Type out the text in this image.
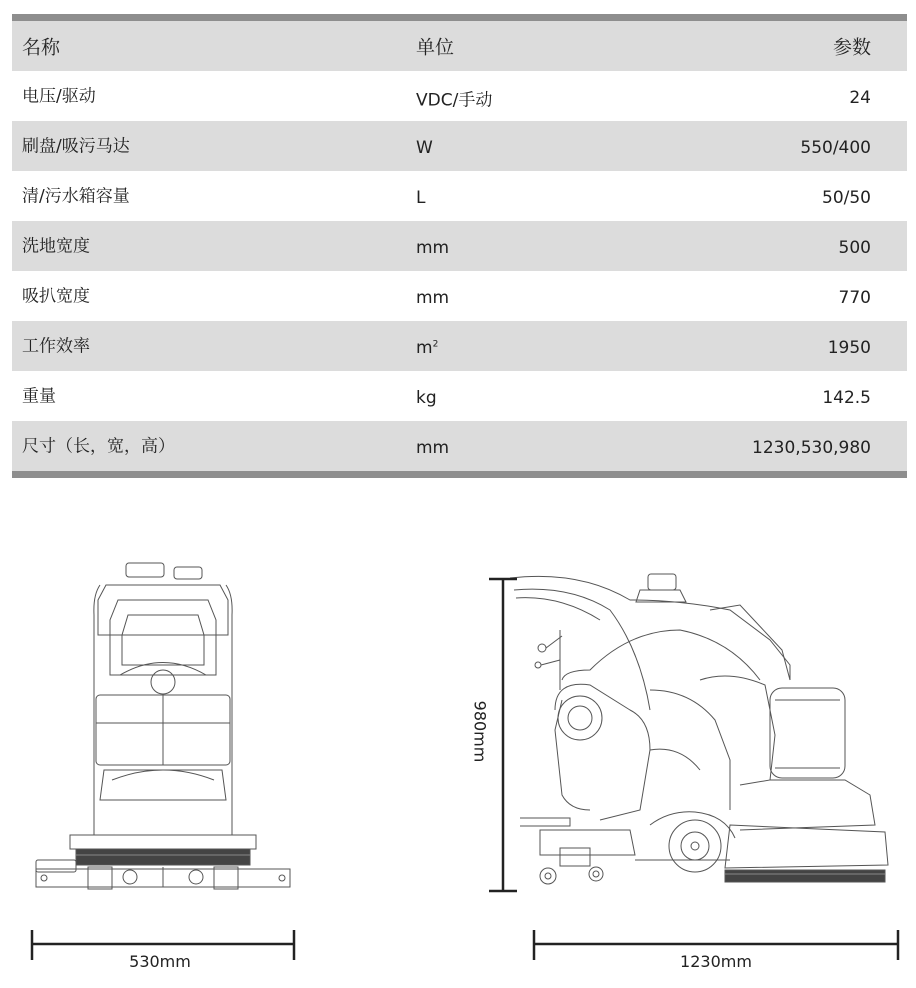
名称	单位	参数
电压/驱动	VDC/手动	24
刷盘/吸污马达	W	550/400
清/污水箱容量	L	50/50
洗地宽度	mm	500
吸扒宽度	mm	770
工作效率	$m^2$	1950
重量	kg	142.5
尺寸（长，宽，高）	mm	1230,530,980
980mm
530mm	1230mm
